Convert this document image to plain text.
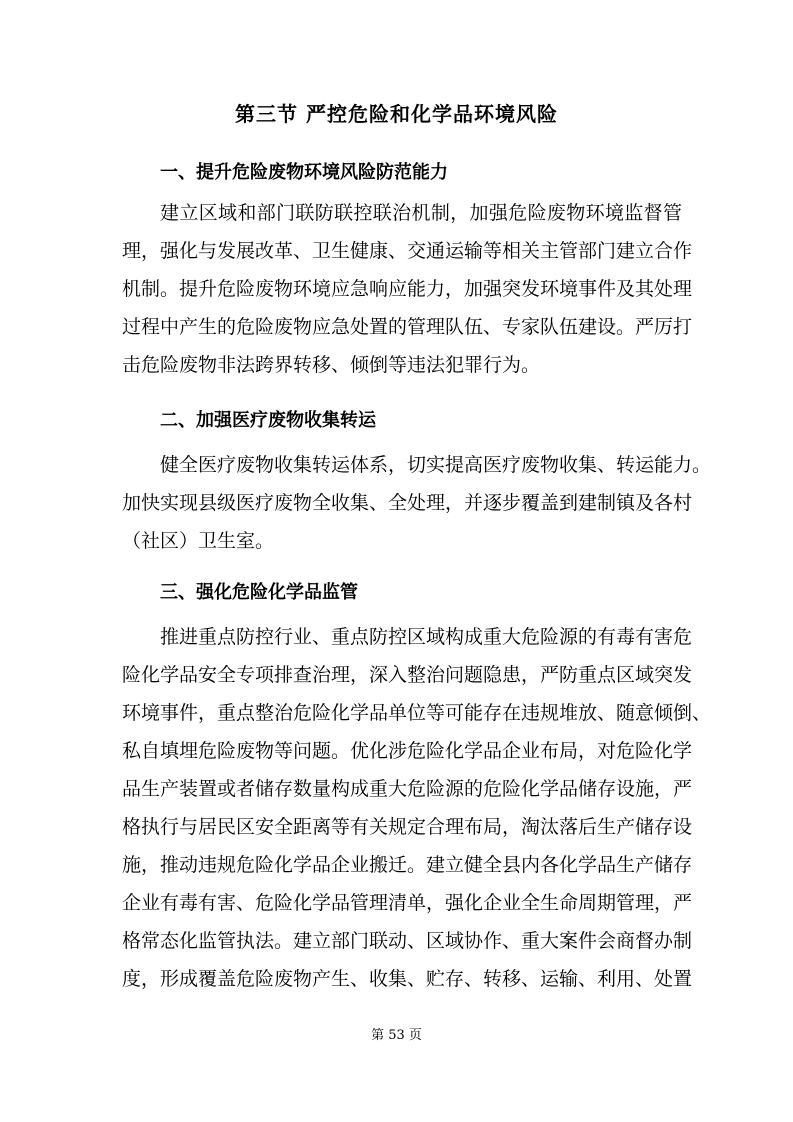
第三节 严控危险和化学品环境风险
一、提升危险废物环境风险防范能力
建立区域和部门联防联控联治机制，加强危险废物环境监督管
理，强化与发展改革、卫生健康、交通运输等相关主管部门建立合作
机制。提升危险废物环境应急响应能力，加强突发环境事件及其处理
过程中产生的危险废物应急处置的管理队伍、专家队伍建设。严厉打
击危险废物非法跨界转移、倾倒等违法犯罪行为。
二、加强医疗废物收集转运
健全医疗废物收集转运体系，切实提高医疗废物收集、转运能力。
加快实现县级医疗废物全收集、全处理，并逐步覆盖到建制镇及各村
（社区）卫生室。
三、强化危险化学品监管
推进重点防控行业、重点防控区域构成重大危险源的有毒有害危
险化学品安全专项排查治理，深入整治问题隐患，严防重点区域突发
环境事件，重点整治危险化学品单位等可能存在违规堆放、随意倾倒、
私自填埋危险废物等问题。优化涉危险化学品企业布局，对危险化学
品生产装置或者储存数量构成重大危险源的危险化学品储存设施，严
格执行与居民区安全距离等有关规定合理布局，淘汰落后生产储存设
施，推动违规危险化学品企业搬迁。建立健全县内各化学品生产储存
企业有毒有害、危险化学品管理清单，强化企业全生命周期管理，严
格常态化监管执法。建立部门联动、区域协作、重大案件会商督办制
度，形成覆盖危险废物产生、收集、贮存、转移、运输、利用、处置
第 53 页
